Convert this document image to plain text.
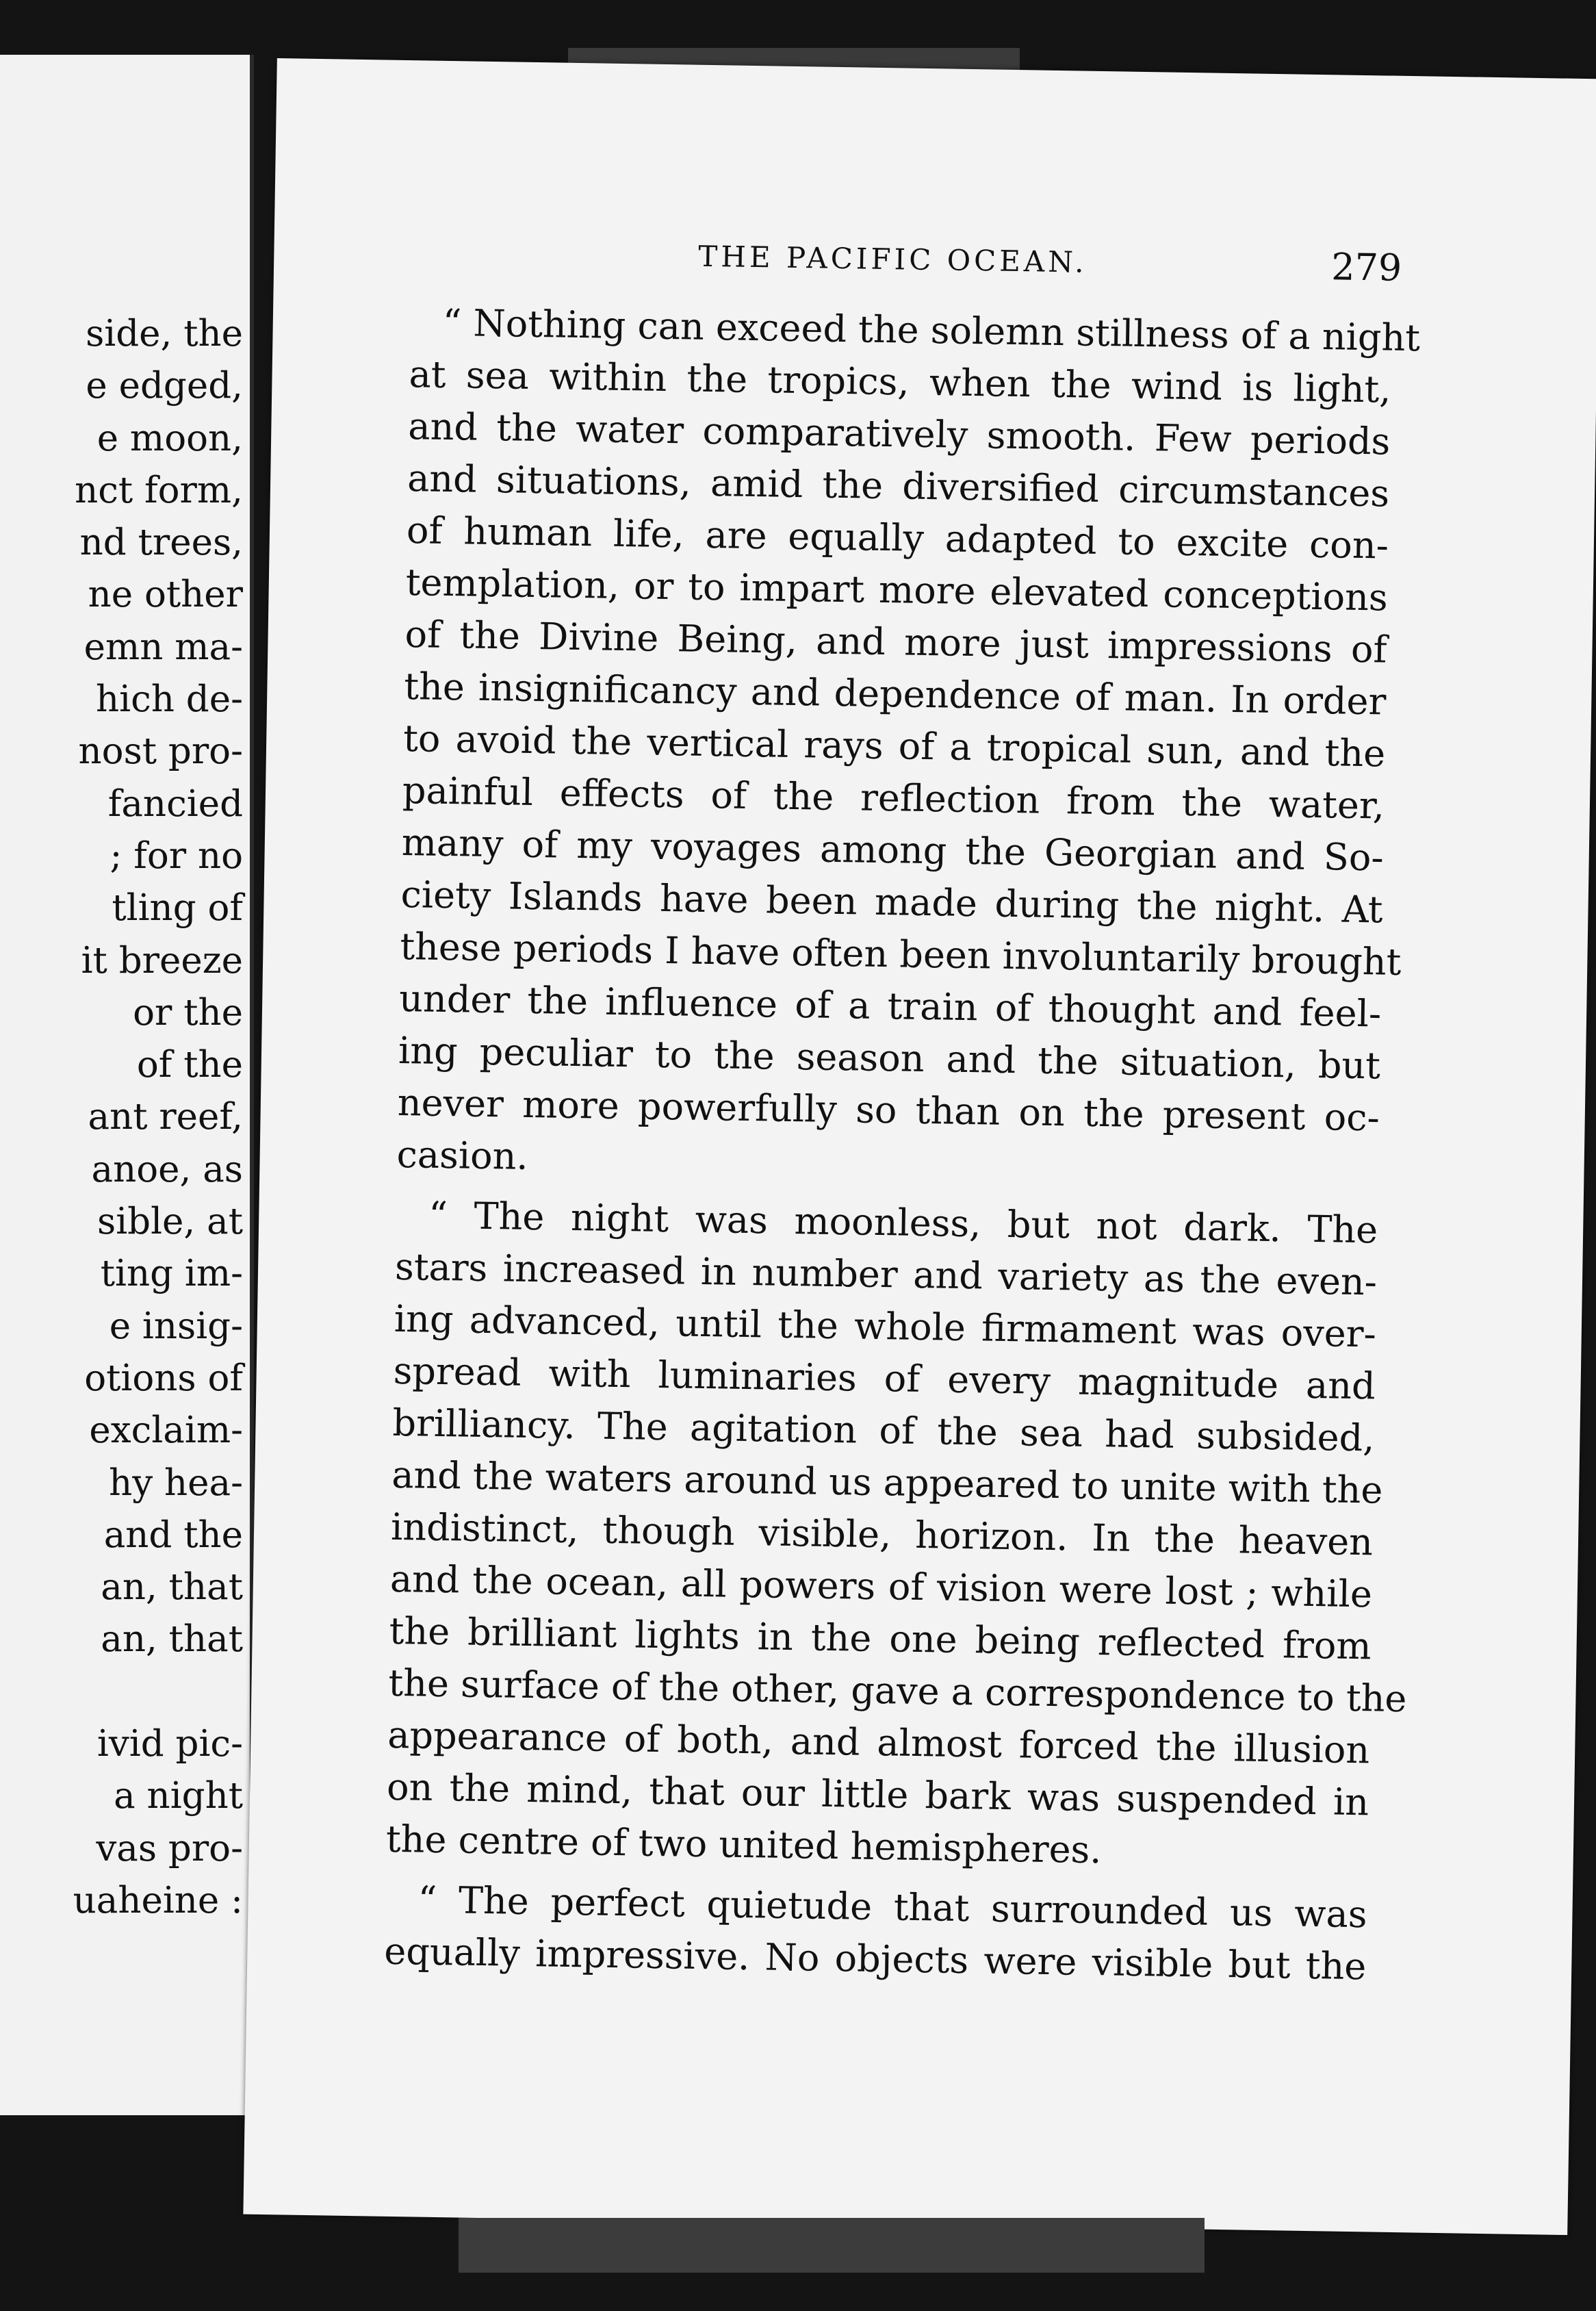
side, the
e edged,
e moon,
nct form,
nd trees,
ne other
emn ma-
hich de-
nost pro-
fancied
; for no
tling of
it breeze
or the
of the
ant reef,
anoe, as
sible, at
ting im-
e insig-
otions of
exclaim-
hy hea-
and the
an, that
an, that
ivid pic-
a night
vas pro-
uaheine :
THE PACIFIC OCEAN.	279
“ Nothing can exceed the solemn stillness of a night
at sea within the tropics, when the wind is light,
and the water comparatively smooth. Few periods
and situations, amid the diversified circumstances
of human life, are equally adapted to excite con-
templation, or to impart more elevated conceptions
of the Divine Being, and more just impressions of
the insignificancy and dependence of man. In order
to avoid the vertical rays of a tropical sun, and the
painful effects of the reflection from the water,
many of my voyages among the Georgian and So-
ciety Islands have been made during the night. At
these periods I have often been involuntarily brought
under the influence of a train of thought and feel-
ing peculiar to the season and the situation, but
never more powerfully so than on the present oc-
casion.
“ The night was moonless, but not dark. The
stars increased in number and variety as the even-
ing advanced, until the whole firmament was over-
spread with luminaries of every magnitude and
brilliancy. The agitation of the sea had subsided,
and the waters around us appeared to unite with the
indistinct, though visible, horizon. In the heaven
and the ocean, all powers of vision were lost ; while
the brilliant lights in the one being reflected from
the surface of the other, gave a correspondence to the
appearance of both, and almost forced the illusion
on the mind, that our little bark was suspended in
the centre of two united hemispheres.
“ The perfect quietude that surrounded us was
equally impressive. No objects were visible but the
